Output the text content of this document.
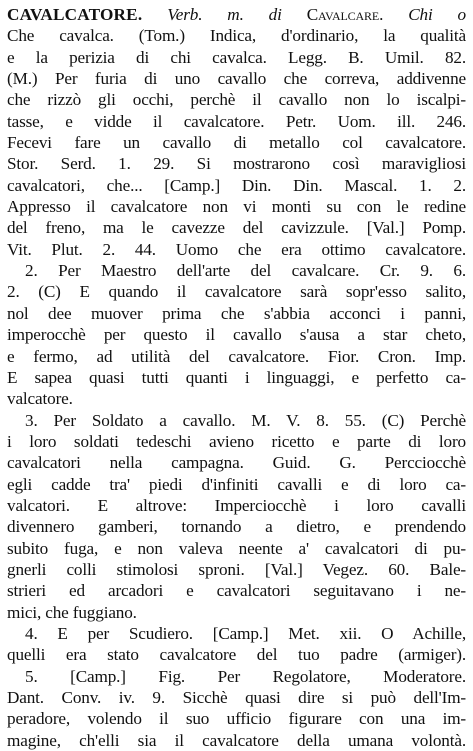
CAVALCATORE. Verb. m. di Cavalcare. Chi o
Che cavalca. (Tom.) Indica, d'ordinario, la qualità
e la perizia di chi cavalca. Legg. B. Umil. 82.
(M.) Per furia di uno cavallo che correva, addivenne
che rizzò gli occhi, perchè il cavallo non lo iscalpi-
tasse, e vidde il cavalcatore. Petr. Uom. ill. 246.
Fecevi fare un cavallo di metallo col cavalcatore.
Stor. Serd. 1. 29. Si mostrarono così maravigliosi
cavalcatori, che... [Camp.] Din. Din. Mascal. 1. 2.
Appresso il cavalcatore non vi monti su con le redine
del freno, ma le cavezze del cavizzule. [Val.] Pomp.
Vit. Plut. 2. 44. Uomo che era ottimo cavalcatore.
2. Per Maestro dell'arte del cavalcare. Cr. 9. 6.
2. (C) E quando il cavalcatore sarà sopr'esso salito,
nol dee muover prima che s'abbia acconci i panni,
imperocchè per questo il cavallo s'ausa a star cheto,
e fermo, ad utilità del cavalcatore. Fior. Cron. Imp.
E sapea quasi tutti quanti i linguaggi, e perfetto ca-
valcatore.
3. Per Soldato a cavallo. M. V. 8. 55. (C) Perchè
i loro soldati tedeschi avieno ricetto e parte di loro
cavalcatori nella campagna. Guid. G. Percciocchè
egli cadde tra' piedi d'infiniti cavalli e di loro ca-
valcatori. E altrove: Imperciocchè i loro cavalli
divennero gamberi, tornando a dietro, e prendendo
subito fuga, e non valeva neente a' cavalcatori di pu-
gnerli colli stimolosi sproni. [Val.] Vegez. 60. Bale-
strieri ed arcadori e cavalcatori seguitavano i ne-
mici, che fuggiano.
4. E per Scudiero. [Camp.] Met. xii. O Achille,
quelli era stato cavalcatore del tuo padre (armiger).
5. [Camp.] Fig. Per Regolatore, Moderatore.
Dant. Conv. iv. 9. Sicchè quasi dire si può dell'Im-
peradore, volendo il suo ufficio figurare con una im-
magine, ch'elli sia il cavalcatore della umana volontà.
